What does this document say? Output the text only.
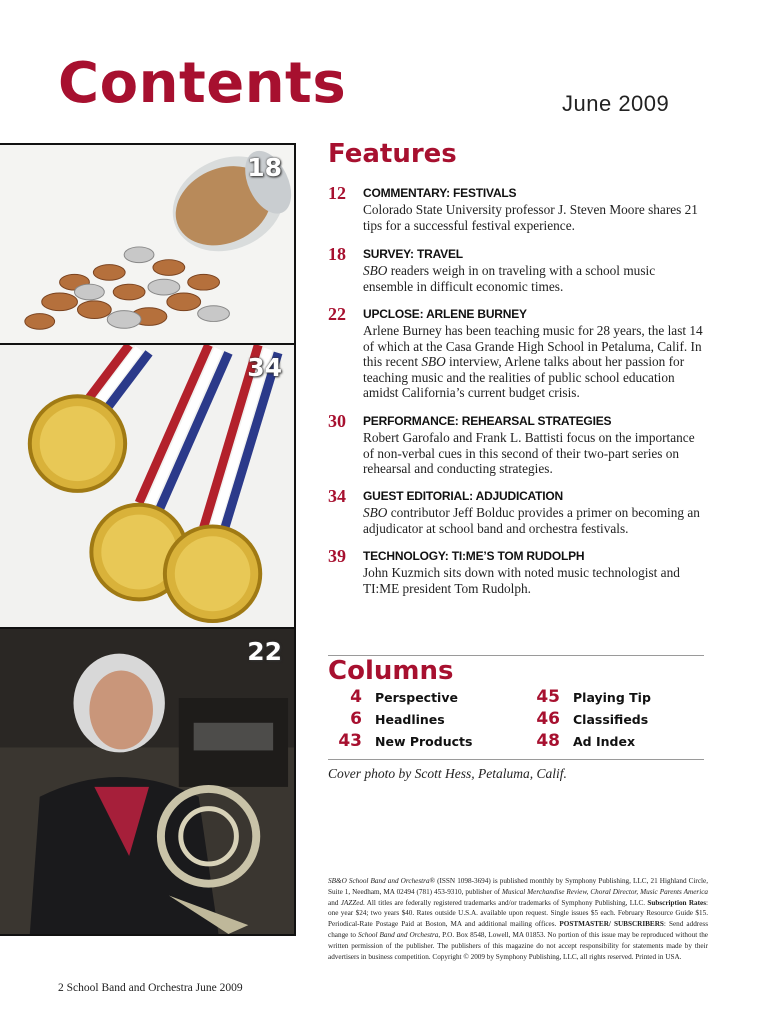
Contents	June 2009
18
34
22
Features
12 COMMENTARY: FESTIVALS
Colorado State University professor J. Steven Moore shares 21 tips for a successful festival experience.
18 SURVEY: TRAVEL
SBO readers weigh in on traveling with a school music ensemble in difficult economic times.
22 UPCLOSE: ARLENE BURNEY
Arlene Burney has been teaching music for 28 years, the last 14 of which at the Casa Grande High School in Petaluma, Calif. In this recent SBO interview, Arlene talks about her passion for teaching music and the realities of public school education amidst California’s current budget crisis.
30 PERFORMANCE: REHEARSAL STRATEGIES
Robert Garofalo and Frank L. Battisti focus on the importance of non-verbal cues in this second of their two-part series on rehearsal and conducting strategies.
34 GUEST EDITORIAL: ADJUDICATION
SBO contributor Jeff Bolduc provides a primer on becoming an adjudicator at school band and orchestra festivals.
39 TECHNOLOGY: TI:ME’S TOM RUDOLPH
John Kuzmich sits down with noted music technologist and TI:ME president Tom Rudolph.
Columns
4 Perspective
6 Headlines
43 New Products
45 Playing Tip
46 Classifieds
48 Ad Index
Cover photo by Scott Hess, Petaluma, Calif.
SB&O School Band and Orchestra® (ISSN 1098-3694) is published monthly by Symphony Publishing, LLC, 21 Highland Circle, Suite 1, Needham, MA 02494 (781) 453-9310, publisher of Musical Merchandise Review, Choral Director, Music Parents America and JAZZed. All titles are federally registered trademarks and/or trademarks of Symphony Publishing, LLC. Subscription Rates: one year $24; two years $40. Rates outside U.S.A. available upon request. Single issues $5 each. February Resource Guide $15. Periodical-Rate Postage Paid at Boston, MA and additional mailing offices. POSTMASTER/ SUBSCRIBERS: Send address change to School Band and Orchestra, P.O. Box 8548, Lowell, MA 01853. No portion of this issue may be reproduced without the written permission of the publisher. The publishers of this magazine do not accept responsibility for statements made by their advertisers in business competition. Copyright © 2009 by Symphony Publishing, LLC, all rights reserved. Printed in USA.
2 School Band and Orchestra June 2009
